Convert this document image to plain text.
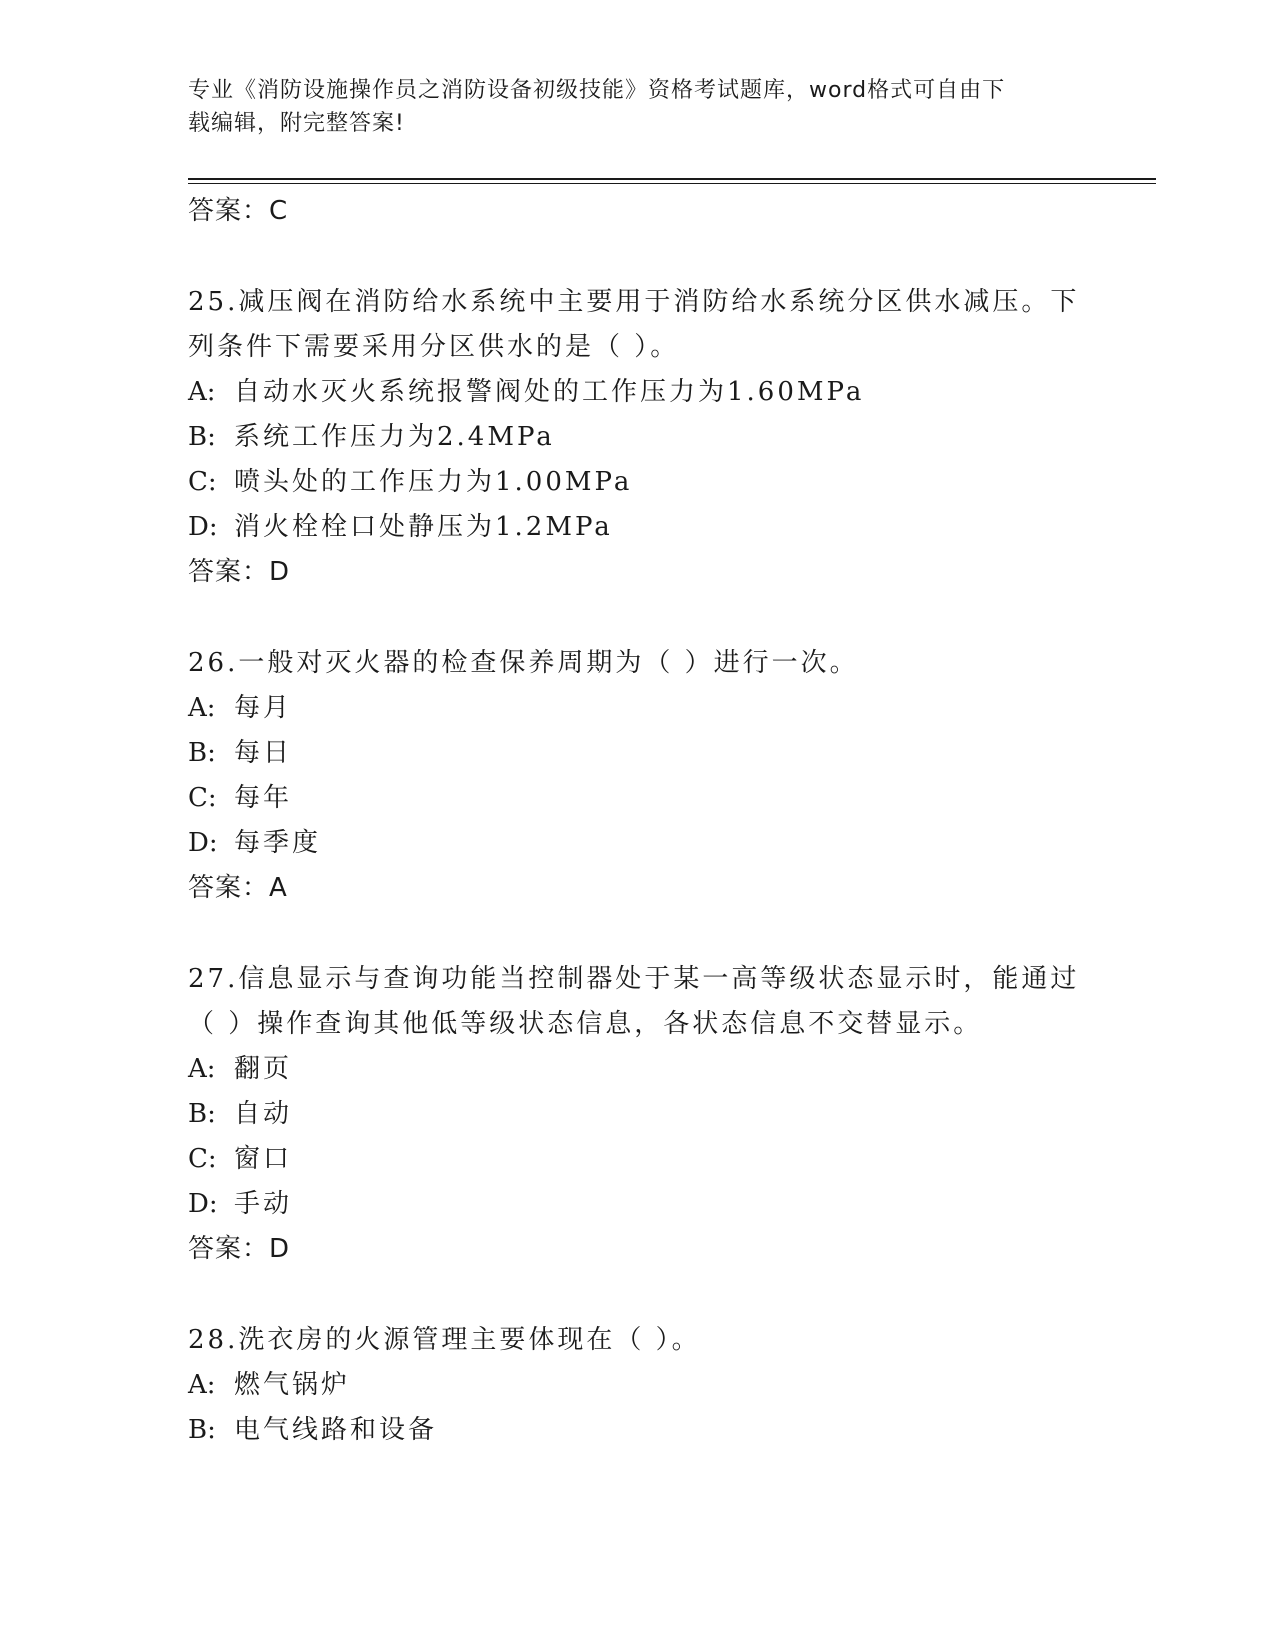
专业《消防设施操作员之消防设备初级技能》资格考试题库，word格式可自由下
载编辑，附完整答案!
答案：C
25.减压阀在消防给水系统中主要用于消防给水系统分区供水减压。下
列条件下需要采用分区供水的是（ ）。
A: 自动水灭火系统报警阀处的工作压力为1.60MPa
B: 系统工作压力为2.4MPa
C: 喷头处的工作压力为1.00MPa
D: 消火栓栓口处静压为1.2MPa
答案：D
26.一般对灭火器的检查保养周期为（ ）进行一次。
A: 每月
B: 每日
C: 每年
D: 每季度
答案：A
27.信息显示与查询功能当控制器处于某一高等级状态显示时，能通过
（ ）操作查询其他低等级状态信息，各状态信息不交替显示。
A: 翻页
B: 自动
C: 窗口
D: 手动
答案：D
28.洗衣房的火源管理主要体现在（ ）。
A: 燃气锅炉
B: 电气线路和设备
